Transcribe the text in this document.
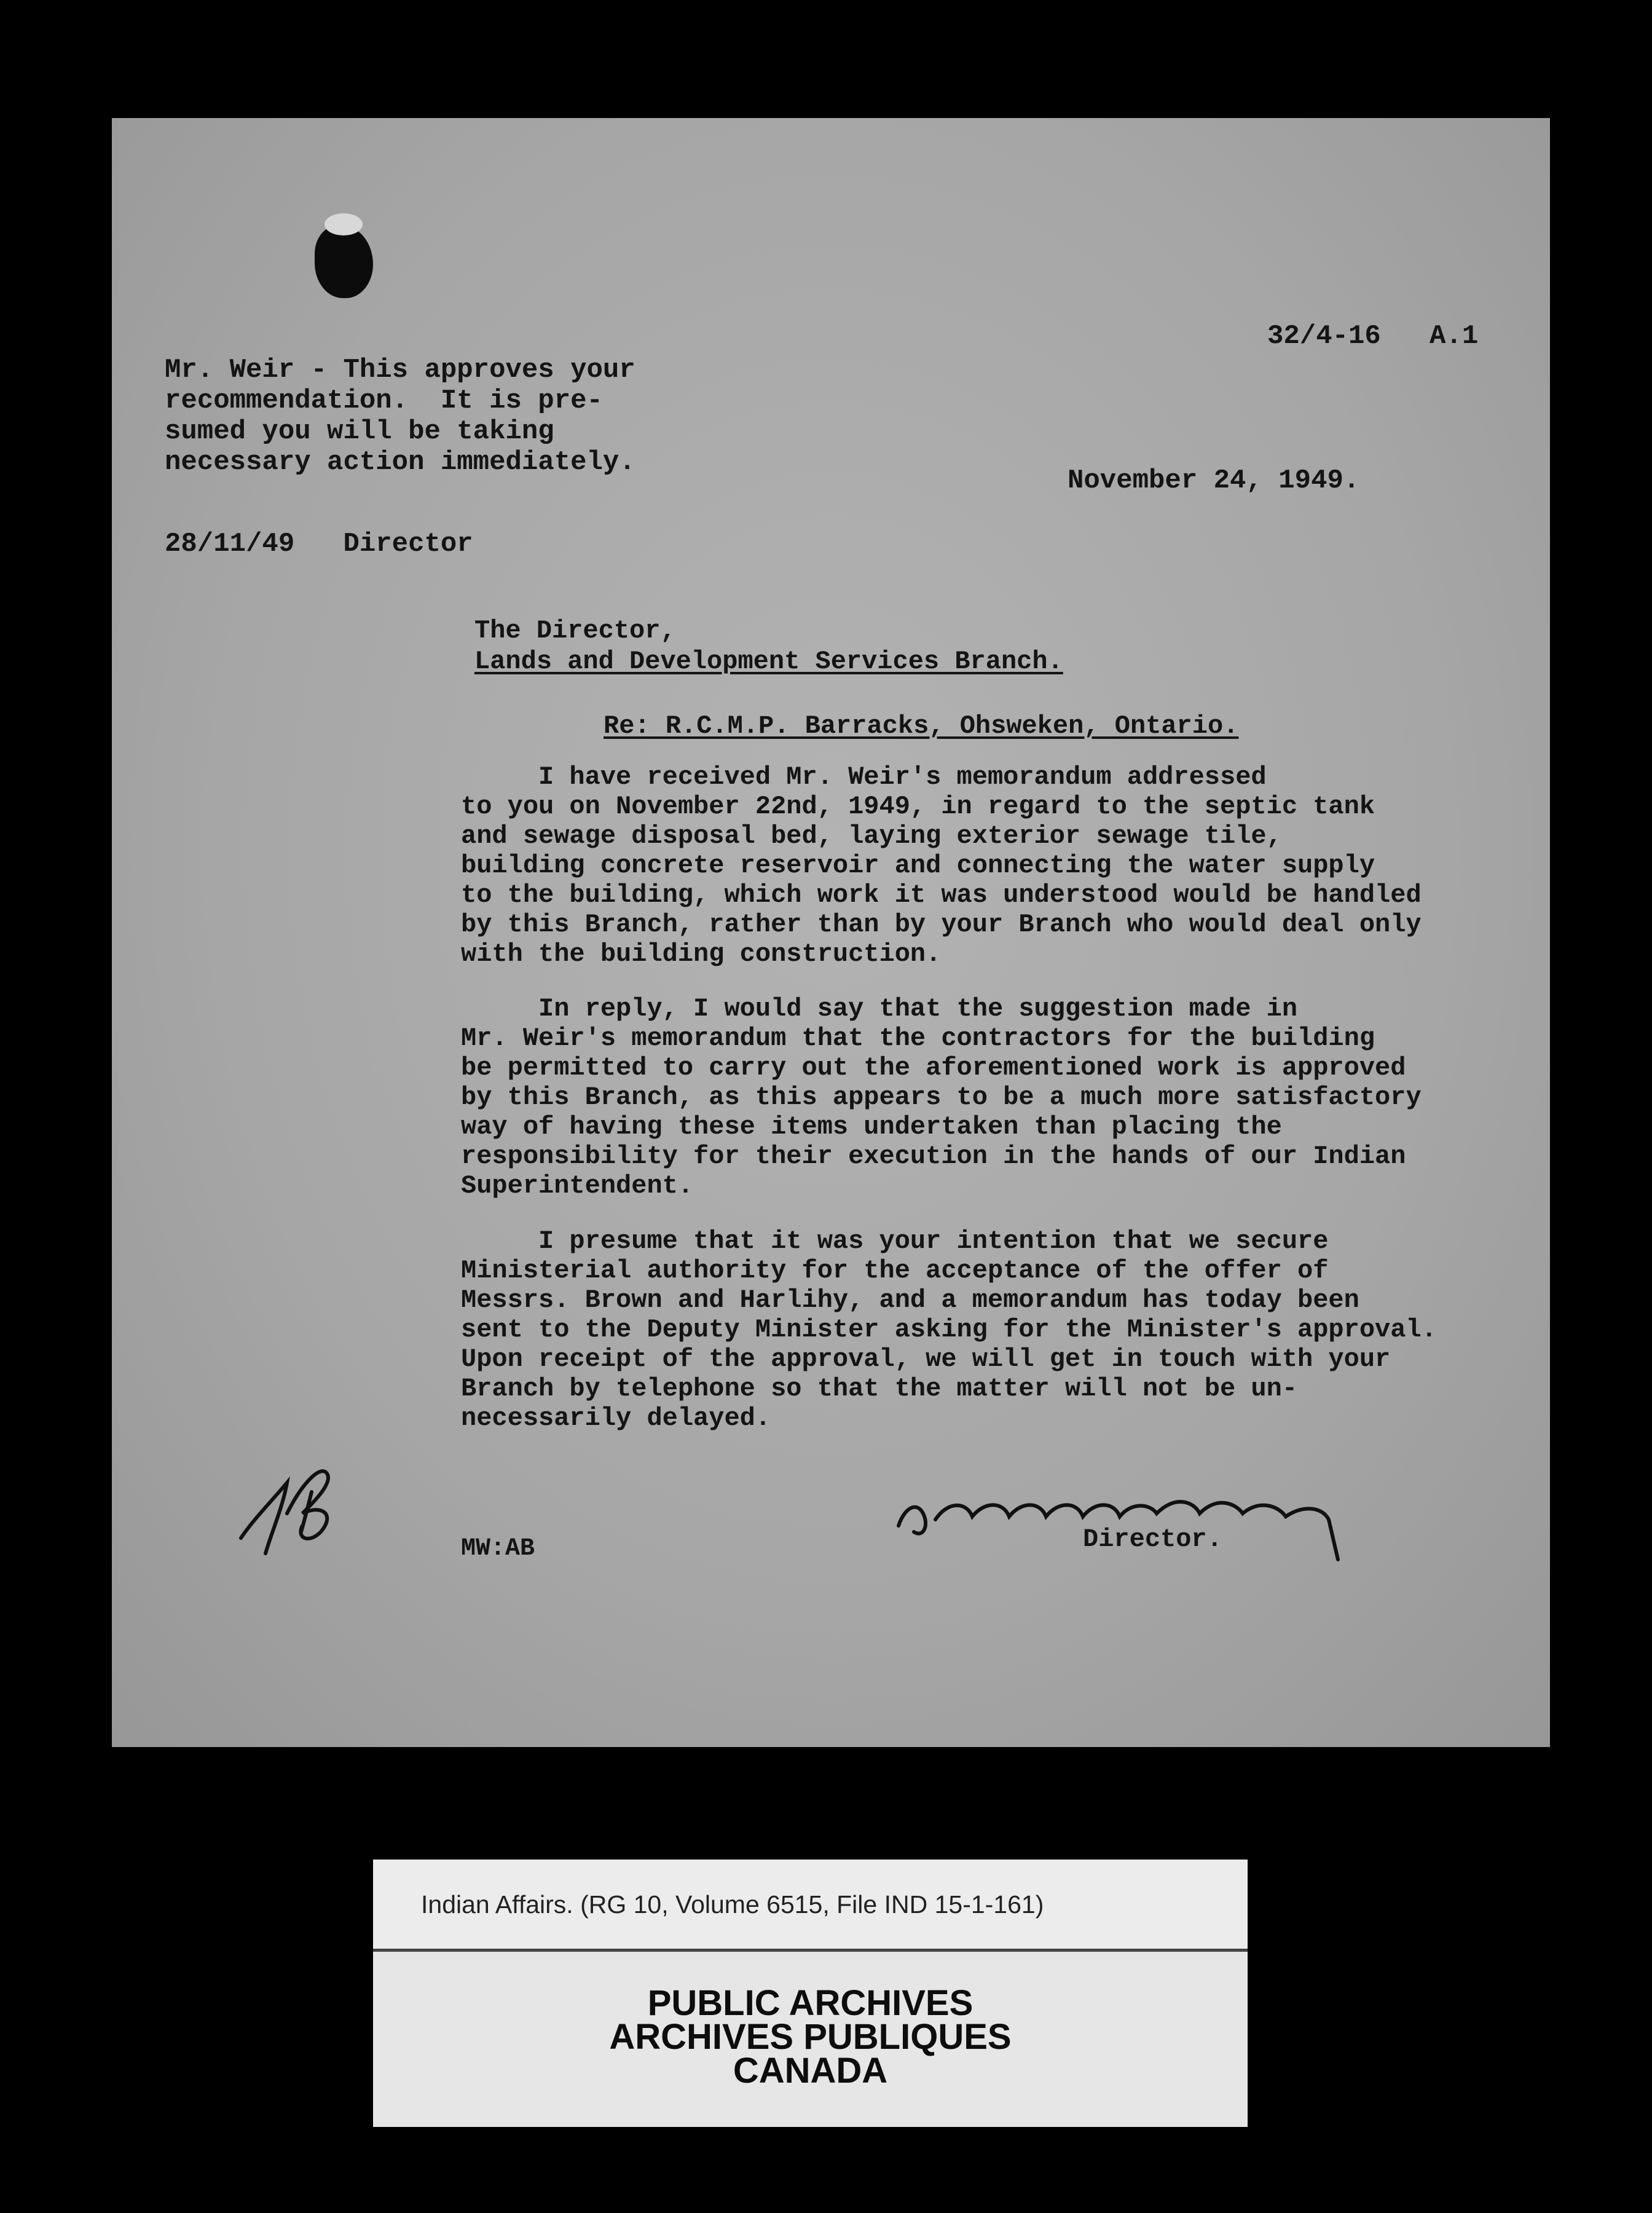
32/4-16   A.1
Mr. Weir - This approves your
recommendation.  It is pre-
sumed you will be taking
necessary action immediately.
28/11/49   Director
November 24, 1949.
The Director,
Lands and Development Services Branch.
Re: R.C.M.P. Barracks, Ohsweken, Ontario.
I have received Mr. Weir's memorandum addressed
to you on November 22nd, 1949, in regard to the septic tank
and sewage disposal bed, laying exterior sewage tile,
building concrete reservoir and connecting the water supply
to the building, which work it was understood would be handled
by this Branch, rather than by your Branch who would deal only
with the building construction.
In reply, I would say that the suggestion made in
Mr. Weir's memorandum that the contractors for the building
be permitted to carry out the aforementioned work is approved
by this Branch, as this appears to be a much more satisfactory
way of having these items undertaken than placing the
responsibility for their execution in the hands of our Indian
Superintendent.
I presume that it was your intention that we secure
Ministerial authority for the acceptance of the offer of
Messrs. Brown and Harlihy, and a memorandum has today been
sent to the Deputy Minister asking for the Minister's approval.
Upon receipt of the approval, we will get in touch with your
Branch by telephone so that the matter will not be un-
necessarily delayed.
MW:AB	Director.
Indian Affairs. (RG 10, Volume 6515, File IND 15-1-161)
PUBLIC ARCHIVES
ARCHIVES PUBLIQUES
CANADA
